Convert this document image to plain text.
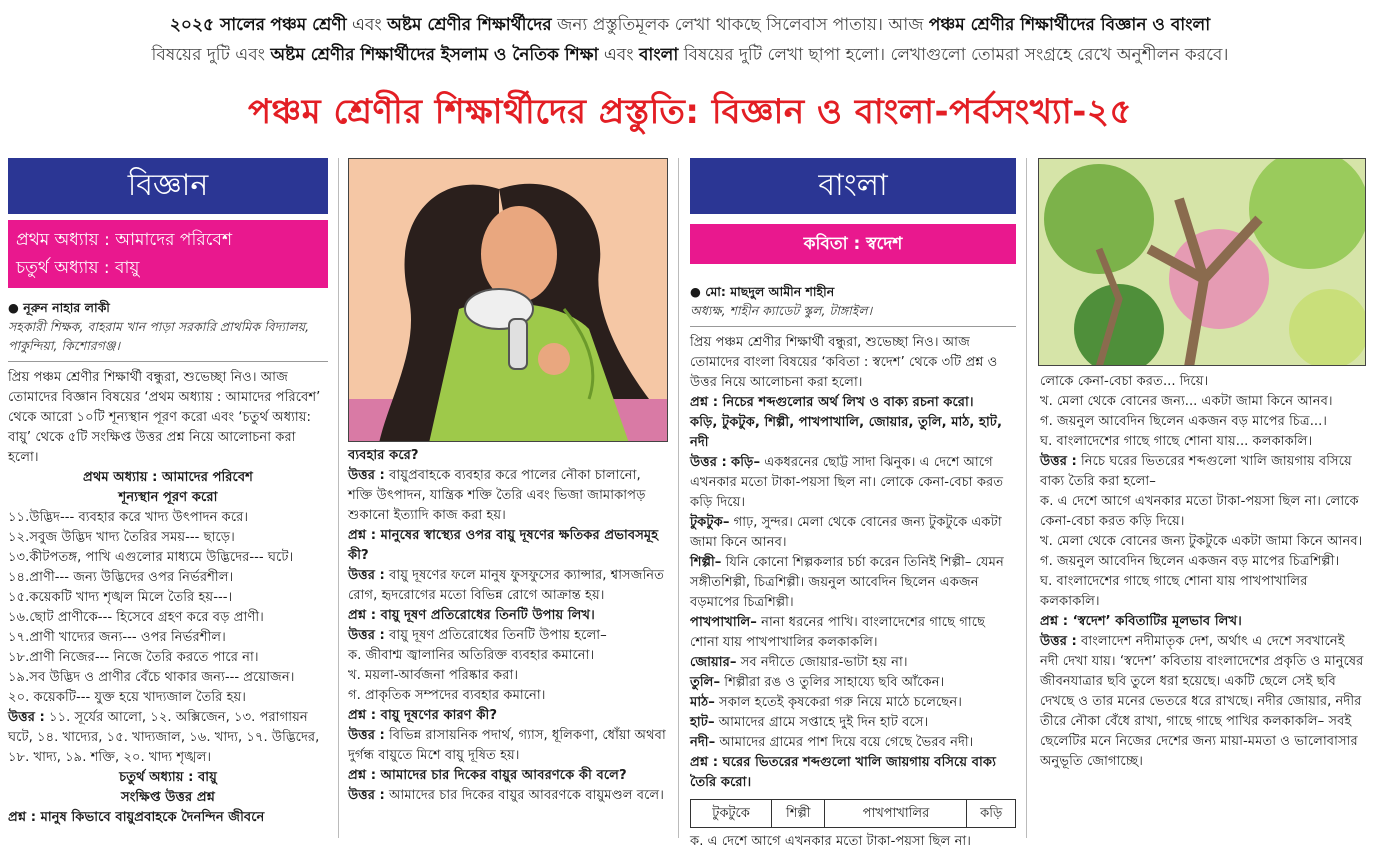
২০২৫ সালের পঞ্চম শ্রেণী এবং অষ্টম শ্রেণীর শিক্ষার্থীদের জন্য প্রস্তুতিমূলক লেখা থাকছে সিলেবাস পাতায়। আজ পঞ্চম শ্রেণীর শিক্ষার্থীদের বিজ্ঞান ও বাংলা
বিষয়ের দুটি এবং অষ্টম শ্রেণীর শিক্ষার্থীদের ইসলাম ও নৈতিক শিক্ষা এবং বাংলা বিষয়ের দুটি লেখা ছাপা হলো। লেখাগুলো তোমরা সংগ্রহে রেখে অনুশীলন করবে।
পঞ্চম শ্রেণীর শিক্ষার্থীদের প্রস্তুতি: বিজ্ঞান ও বাংলা-পর্বসংখ্যা-২৫
বিজ্ঞান
প্রথম অধ্যায় : আমাদের পরিবেশ
চতুর্থ অধ্যায় : বায়ু
● নূরুন নাহার লাকী
সহকারী শিক্ষক, বাহরাম খান পাড়া সরকারি প্রাথমিক বিদ্যালয়, পাকুন্দিয়া, কিশোরগঞ্জ।

প্রিয় পঞ্চম শ্রেণীর শিক্ষার্থী বন্ধুরা, শুভেচ্ছা নিও। আজ তোমাদের বিজ্ঞান বিষয়ের ‘প্রথম অধ্যায় : আমাদের পরিবেশ’ থেকে আরো ১০টি শূন্যস্থান পূরণ করো এবং ‘চতুর্থ অধ্যায়: বায়ু’ থেকে ৫টি সংক্ষিপ্ত উত্তর প্রশ্ন নিয়ে আলোচনা করা হলো।

প্রথম অধ্যায় : আমাদের পরিবেশ

শূন্যস্থান পূরণ করো

১১.উদ্ভিদ--- ব্যবহার করে খাদ্য উৎপাদন করে।

১২.সবুজ উদ্ভিদ খাদ্য তৈরির সময়--- ছাড়ে।

১৩.কীটপতঙ্গ, পাখি এগুলোর মাধ্যমে উদ্ভিদের--- ঘটে।

১৪.প্রাণী--- জন্য উদ্ভিদের ওপর নির্ভরশীল।

১৫.কয়েকটি খাদ্য শৃঙ্খল মিলে তৈরি হয়---।

১৬.ছোট প্রাণীকে--- হিসেবে গ্রহণ করে বড় প্রাণী।

১৭.প্রাণী খাদ্যের জন্য--- ওপর নির্ভরশীল।

১৮.প্রাণী নিজের--- নিজে তৈরি করতে পারে না।

১৯.সব উদ্ভিদ ও প্রাণীর বেঁচে থাকার জন্য--- প্রয়োজন।

২০. কয়েকটি--- যুক্ত হয়ে খাদ্যজাল তৈরি হয়।

উত্তর : ১১. সূর্যের আলো, ১২. অক্সিজেন, ১৩. পরাগায়ন ঘটে, ১৪. খাদ্যের, ১৫. খাদ্যজাল, ১৬. খাদ্য, ১৭. উদ্ভিদের, ১৮. খাদ্য, ১৯. শক্তি, ২০. খাদ্য শৃঙ্খল।

চতুর্থ অধ্যায় : বায়ু

সংক্ষিপ্ত উত্তর প্রশ্ন

প্রশ্ন : মানুষ কিভাবে বায়ুপ্রবাহকে দৈনন্দিন জীবনে

ব্যবহার করে?

উত্তর : বায়ুপ্রবাহকে ব্যবহার করে পালের নৌকা চালানো, শক্তি উৎপাদন, যান্ত্রিক শক্তি তৈরি এবং ভিজা জামাকাপড় শুকানো ইত্যাদি কাজ করা হয়।

প্রশ্ন : মানুষের স্বাস্থ্যের ওপর বায়ু দূষণের ক্ষতিকর প্রভাবসমূহ কী?

উত্তর : বায়ু দূষণের ফলে মানুষ ফুসফুসের ক্যান্সার, শ্বাসজনিত রোগ, হৃদরোগের মতো বিভিন্ন রোগে আক্রান্ত হয়।

প্রশ্ন : বায়ু দূষণ প্রতিরোধের তিনটি উপায় লিখ।

উত্তর : বায়ু দূষণ প্রতিরোধের তিনটি উপায় হলো–

ক. জীবাশ্ম জ্বালানির অতিরিক্ত ব্যবহার কমানো।

খ. ময়লা-আর্বজনা পরিষ্কার করা।

গ. প্রাকৃতিক সম্পদের ব্যবহার কমানো।

প্রশ্ন : বায়ু দূষণের কারণ কী?

উত্তর : বিভিন্ন রাসায়নিক পদার্থ, গ্যাস, ধূলিকণা, ধোঁয়া অথবা দুর্গন্ধ বায়ুতে মিশে বায়ু দূষিত হয়।

প্রশ্ন : আমাদের চার দিকের বায়ুর আবরণকে কী বলে?

উত্তর : আমাদের চার দিকের বায়ুর আবরণকে বায়ুমণ্ডল বলে।

বাংলা
কবিতা : স্বদেশ
● মো: মাছদুল আমীন শাহীন
অধ্যক্ষ, শাহীন ক্যাডেট স্কুল, টাঙ্গাইল।

প্রিয় পঞ্চম শ্রেণীর শিক্ষার্থী বন্ধুরা, শুভেচ্ছা নিও। আজ তোমাদের বাংলা বিষয়ের ‘কবিতা : স্বদেশ’ থেকে ৩টি প্রশ্ন ও উত্তর নিয়ে আলোচনা করা হলো।

প্রশ্ন : নিচের শব্দগুলোর অর্থ লিখ ও বাক্য রচনা করো।

কড়ি, টুকটুক, শিল্পী, পাখপাখালি, জোয়ার, তুলি, মাঠ, হাট, নদী

উত্তর : কড়ি– একধরনের ছোট্ট সাদা ঝিনুক। এ দেশে আগে এখনকার মতো টাকা-পয়সা ছিল না। লোকে কেনা-বেচা করত কড়ি দিয়ে।

টুকটুক– গাঢ়, সুন্দর। মেলা থেকে বোনের জন্য টুকটুকে একটা জামা কিনে আনব।

শিল্পী– যিনি কোনো শিল্পকলার চর্চা করেন তিনিই শিল্পী– যেমন সঙ্গীতশিল্পী, চিত্রশিল্পী। জয়নুল আবেদিন ছিলেন একজন বড়মাপের চিত্রশিল্পী।

পাখপাখালি– নানা ধরনের পাখি। বাংলাদেশের গাছে গাছে শোনা যায় পাখপাখালির কলকাকলি।

জোয়ার– সব নদীতে জোয়ার-ভাটা হয় না।

তুলি– শিল্পীরা রঙ ও তুলির সাহায্যে ছবি আঁকেন।

মাঠ– সকাল হতেই কৃষকেরা গরু নিয়ে মাঠে চলেছেন।

হাট– আমাদের গ্রামে সপ্তাহে দুই দিন হাট বসে।

নদী– আমাদের গ্রামের পাশ দিয়ে বয়ে গেছে ভৈরব নদী।

প্রশ্ন : ঘরের ভিতরের শব্দগুলো খালি জায়গায় বসিয়ে বাক্য তৈরি করো।

টুকটুকে	শিল্পী	পাখপাখালির	কড়ি

ক. এ দেশে আগে এখনকার মতো টাকা-পয়সা ছিল না।

লোকে কেনা-বেচা করত... দিয়ে।

খ. মেলা থেকে বোনের জন্য... একটা জামা কিনে আনব।

গ. জয়নুল আবেদিন ছিলেন একজন বড় মাপের চিত্র...।

ঘ. বাংলাদেশের গাছে গাছে শোনা যায়... কলকাকলি।

উত্তর : নিচে ঘরের ভিতরের শব্দগুলো খালি জায়গায় বসিয়ে বাক্য তৈরি করা হলো–

ক. এ দেশে আগে এখনকার মতো টাকা-পয়সা ছিল না। লোকে কেনা-বেচা করত কড়ি দিয়ে।

খ. মেলা থেকে বোনের জন্য টুকটুকে একটা জামা কিনে আনব।

গ. জয়নুল আবেদিন ছিলেন একজন বড় মাপের চিত্রশিল্পী।

ঘ. বাংলাদেশের গাছে গাছে শোনা যায় পাখপাখালির কলকাকলি।

প্রশ্ন : ‘স্বদেশ’ কবিতাটির মূলভাব লিখ।

উত্তর : বাংলাদেশ নদীমাতৃক দেশ, অর্থাৎ এ দেশে সবখানেই নদী দেখা যায়। ‘স্বদেশ’ কবিতায় বাংলাদেশের প্রকৃতি ও মানুষের জীবনযাত্রার ছবি তুলে ধরা হয়েছে। একটি ছেলে সেই ছবি দেখছে ও তার মনের ভেতরে ধরে রাখছে। নদীর জোয়ার, নদীর তীরে নৌকা বেঁধে রাখা, গাছে গাছে পাখির কলকাকলি– সবই ছেলেটির মনে নিজের দেশের জন্য মায়া-মমতা ও ভালোবাসার অনুভূতি জোগাচ্ছে।
